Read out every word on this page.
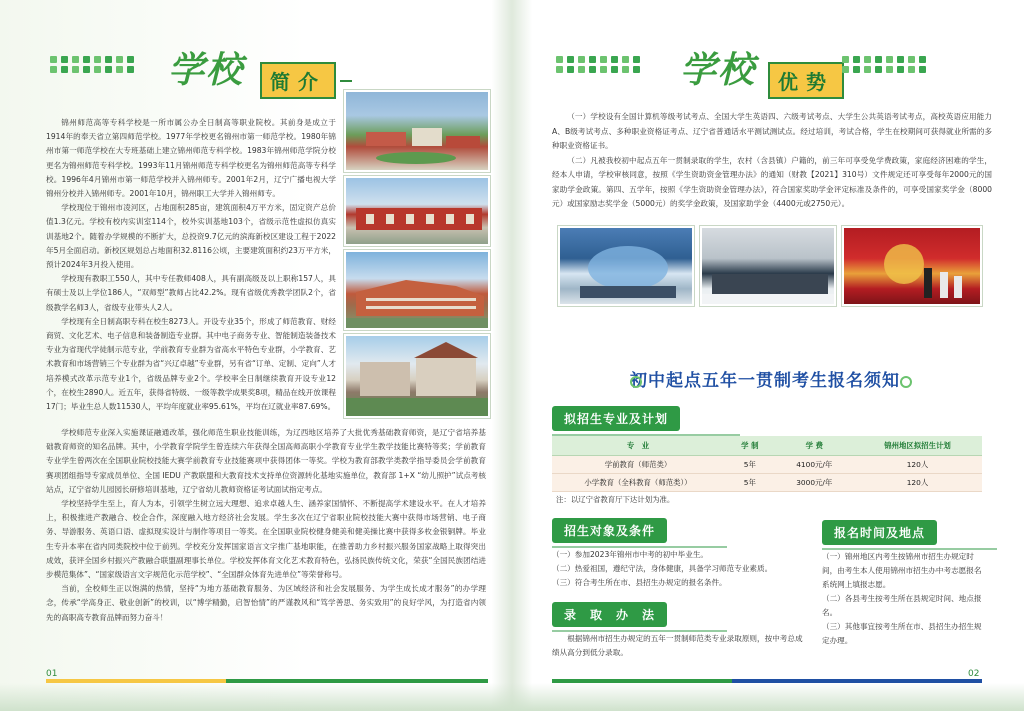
学校	简介

锦州师范高等专科学校是一所市属公办全日制高等职业院校。其前身是成立于1914年的奉天省立第四师范学校。1977年学校更名锦州市第一师范学校。1980年锦州市第一师范学校在大专班基础上建立锦州师范专科学校。1983年锦州师范学院分校更名为锦州师范专科学校。1993年11月锦州师范专科学校更名为锦州师范高等专科学校。1996年4月锦州市第一师范学校并入锦州师专。2001年2月，辽宁广播电视大学锦州分校并入锦州师专。2001年10月，锦州职工大学并入锦州师专。

学校现位于锦州市凌河区，占地面积285亩，建筑面积4万平方米，固定资产总价值1.3亿元。学校有校内实训室114个，校外实训基地103个，省级示范性虚拟仿真实训基地2个。随着办学规模的不断扩大，总投资9.7亿元的滨海新校区建设工程于2022年5月全面启动。新校区规划总占地面积32.8116公顷，主要建筑面积约23万平方米，预计2024年3月投入使用。

学校现有教职工550人，其中专任教师408人，具有副高级及以上职称157人，具有硕士及以上学位186人，“双师型”教师占比42.2%。现有省级优秀教学团队2个，省级教学名师3人，省级专业带头人2人。

学校现有全日制高职专科在校生8273人。开设专业35个，形成了师范教育、财经商贸、文化艺术、电子信息和装备制造专业群。其中电子商务专业、智能制造装备技术专业为省现代学徒制示范专业，学前教育专业群为省高水平特色专业群，小学教育、艺术教育和市场营销三个专业群为省“兴辽卓越”专业群，另有省“订单、定制、定向”人才培养模式改革示范专业1个，省级品牌专业2个。学校率全日制继续教育开设专业12个，在校生2890人。近五年，获得省特级、一级等教学成果奖8项，精品在线开放课程17门；毕业生总人数11530人，平均年度就业率95.61%，平均在辽就业率87.69%。

学校师范专业深入实施课证融通改革，强化师范生职业技能训练，为辽西地区培养了大批优秀基础教育师资，是辽宁省培养基础教育师资的知名品牌。其中，小学教育学院学生曾连续六年获得全国高师高职小学教育专业学生教学技能比赛特等奖；学前教育专业学生曾两次在全国职业院校技能大赛学前教育专业技能赛项中获得团体一等奖。学校为教育部教学类教学指导委员会学前教育赛项团组指导专家成员单位、全国 IEDU 产教联盟和大教育技术支持单位资源转化基地实施单位，教育部 1+X “幼儿照护”试点考核站点，辽宁省幼儿园园长研修培训基地，辽宁省幼儿教师资格证考试面试指定考点。

学校坚持学生至上，育人为本，引领学生树立远大理想、追求卓越人生、涵养家国情怀、不断提高学术建设水平。在人才培养上，积极推进产教融合、校企合作，深度融入地方经济社会发展。学生多次在辽宁省职业院校技能大赛中获得市场营销、电子商务、导游服务、英语口语、虚拟现实设计与制作等项目一等奖。在全国职业院校健身健美和健美操比赛中获得多枚金银铜牌。毕业生专升本率在省内同类院校中位于前列。学校充分发挥国家语言文字推广基地职能，在推普助力乡村振兴服务国家战略上取得突出成效，获评全国乡村振兴产教融合联盟副理事长单位。学校发挥体育文化艺术教育特色，弘扬民族传统文化，荣获“全国民族团结进步模范集体”、“国家级语言文字规范化示范学校”、“全国群众体育先进单位”等荣誉称号。

当前，全校师生正以饱满的热情，坚持“为地方基础教育服务、为区域经济和社会发展服务、为学生成长成才服务”的办学理念，传承“学高身正、敬业创新”的校训，以“博学精勤，启智怡情”的严谨教风和“笃学善思、务实致用”的良好学风，为打造省内领先的高职高专教育品牌而努力奋斗！

01
学校	优势

（一）学校设有全国计算机等级考试考点、全国大学生英语四、六级考试考点、大学生公共英语考试考点，高校英语应用能力A、B级考试考点、多种职业资格证考点、辽宁省普通话水平测试测试点。经过培训，考试合格，学生在校期间可获得就业所需的多种职业资格证书。

（二）凡被我校初中起点五年一贯制录取的学生，农村（含县镇）户籍的，前三年可享受免学费政策，家庭经济困难的学生，经本人申请，学校审核同意，按照《学生资助资金管理办法》的通知（财教【2021】310号）文件规定还可享受每年2000元的国家助学金政策。第四、五学年，按照《学生资助资金管理办法》，符合国家奖助学金评定标准及条件的，可享受国家奖学金（8000元）或国家励志奖学金（5000元）的奖学金政策，及国家助学金（4400元或2750元）。

初中起点五年一贯制考生报名须知
拟招生专业及计划
专　业	学 制	学 费	锦州地区拟招生计划
学前教育（师范类）	5年	4100元/年	120人
小学教育（全科教育（师范类））	5年	3000元/年	120人
注：以辽宁省教育厅下达计划为准。
招生对象及条件

（一）参加2023年锦州市中考的初中毕业生。

（二）热爱祖国，遵纪守法，身体健康，具备学习师范专业素质。

（三）符合考生所在市、县招生办规定的报名条件。

录　取　办　法
根据锦州市招生办规定的五年一贯制师范类专业录取原则，按中考总成绩从高分到低分录取。
报名时间及地点

（一）锦州地区内考生按锦州市招生办规定时间，由考生本人使用锦州市招生办中考志愿报名系统网上填报志愿。

（二）各县考生按考生所在县规定时间、地点报名。

（三）其他事宜按考生所在市、县招生办招生规定办理。

02
